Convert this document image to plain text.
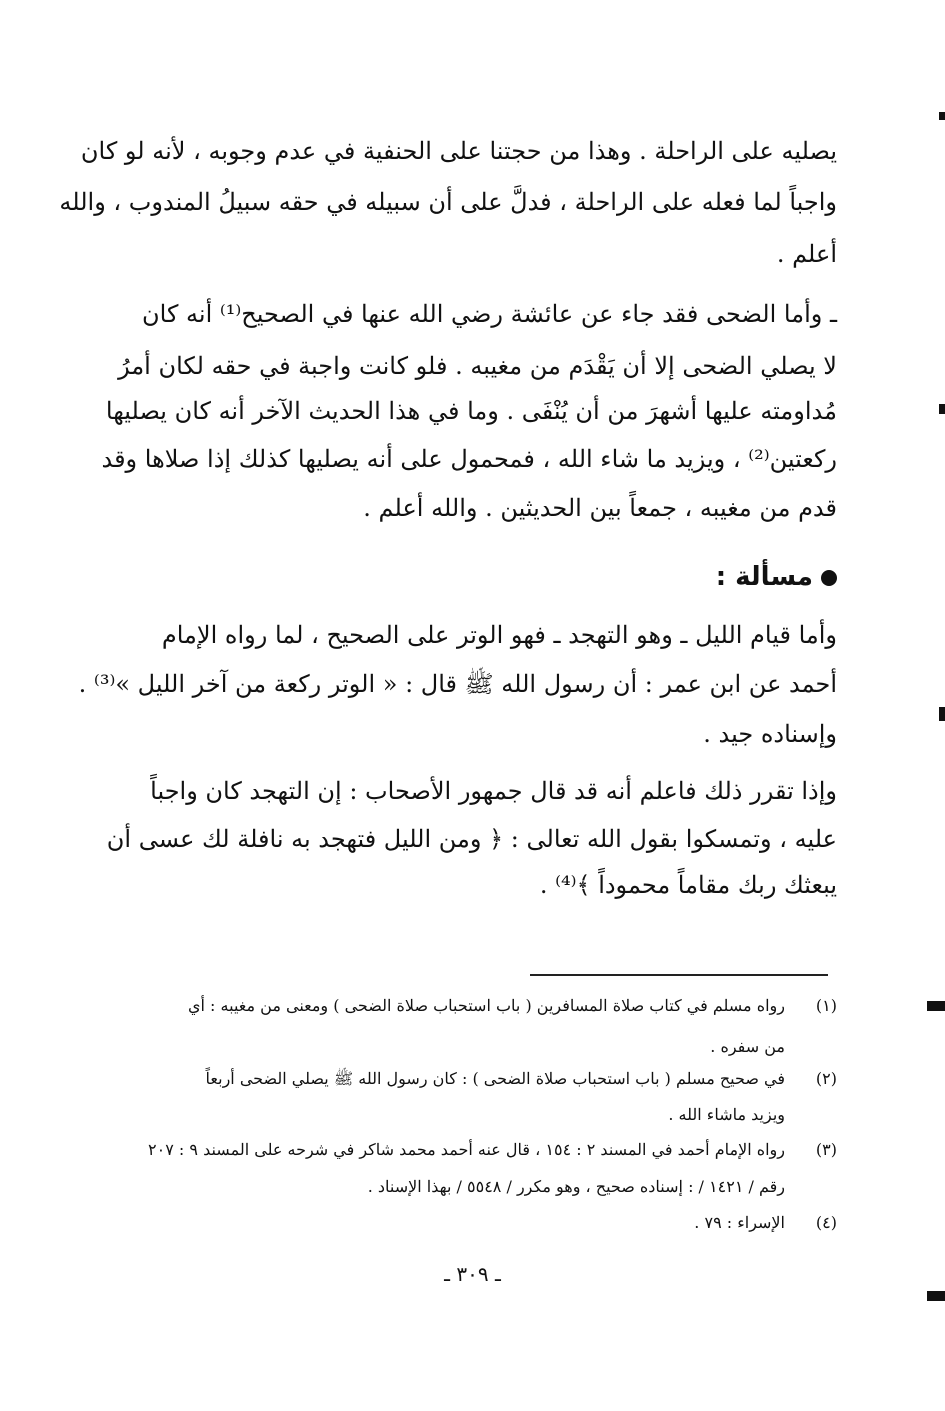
يصليه على الراحلة . وهذا من حجتنا على الحنفية في عدم وجوبه ، لأنه لو كان
واجباً لما فعله على الراحلة ، فدلَّ على أن سبيله في حقه سبيلُ المندوب ، والله
أعلم .
ـ وأما الضحى فقد جاء عن عائشة رضي الله عنها في الصحيح⁽¹⁾ أنه كان
لا يصلي الضحى إلا أن يَقْدَم من مغيبه . فلو كانت واجبة في حقه لكان أمرُ
مُداومته عليها أشهرَ من أن يُنْفَى . وما في هذا الحديث الآخر أنه كان يصليها
ركعتين⁽²⁾ ، ويزيد ما شاء الله ، فمحمول على أنه يصليها كذلك إذا صلاها وقد
قدم من مغيبه ، جمعاً بين الحديثين . والله أعلم .
مسألة :
وأما قيام الليل ـ وهو التهجد ـ فهو الوتر على الصحيح ، لما رواه الإمام
أحمد عن ابن عمر : أن رسول الله ﷺ قال : « الوتر ركعة من آخر الليل »⁽³⁾ .
وإسناده جيد .
وإذا تقرر ذلك فاعلم أنه قد قال جمهور الأصحاب : إن التهجد كان واجباً
عليه ، وتمسكوا بقول الله تعالى : ﴿ ومن الليل فتهجد به نافلة لك عسى أن
يبعثك ربك مقاماً محموداً ﴾⁽⁴⁾ .
(١)
رواه مسلم في كتاب صلاة المسافرين ( باب استحباب صلاة الضحى ) ومعنى من مغيبه : أي
من سفره .
(٢)
في صحيح مسلم ( باب استحباب صلاة الضحى ) : كان رسول الله ﷺ يصلي الضحى أربعاً
ويزيد ماشاء الله .
(٣)
رواه الإمام أحمد في المسند ٢ : ١٥٤ ، قال عنه أحمد محمد شاكر في شرحه على المسند ٩ : ٢٠٧
رقم / ١٤٢١ / : إسناده صحيح ، وهو مكرر / ٥٥٤٨ / بهذا الإسناد .
(٤)
الإسراء : ٧٩ .
ـ ٣٠٩ ـ
